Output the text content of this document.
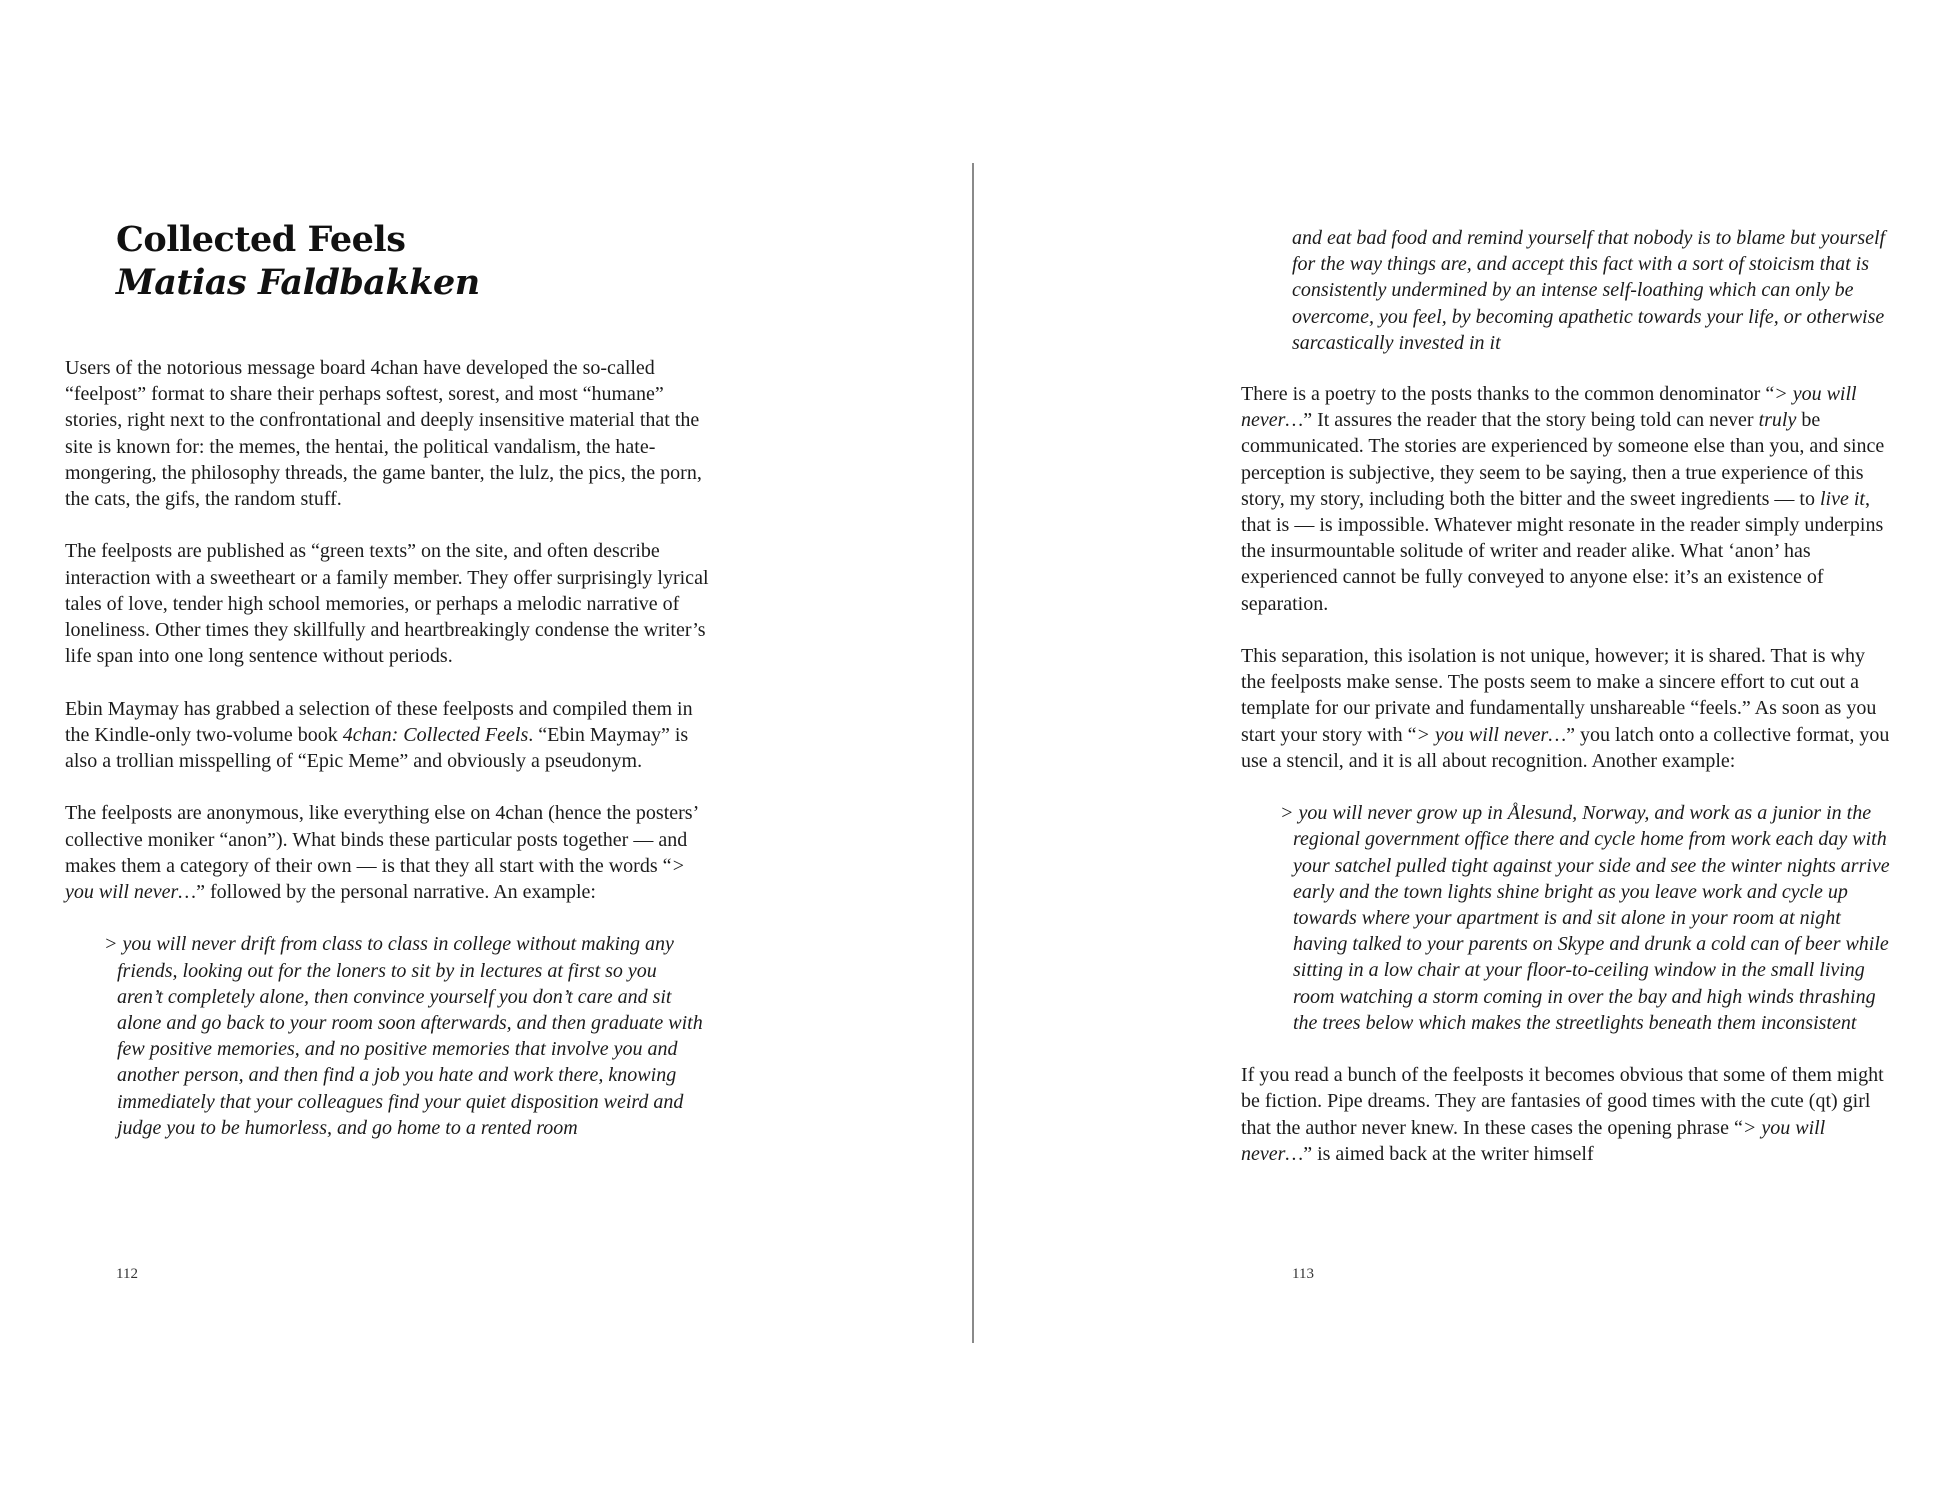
Collected Feels
Matias Faldbakken

Users of the notorious message board 4chan have developed the so-called “feelpost” format to share their perhaps softest, sorest, and most “humane” stories, right next to the confrontational and deeply insensitive material that the site is known for: the memes, the hentai, the political vandalism, the hate-mongering, the philosophy threads, the game banter, the lulz, the pics, the porn, the cats, the gifs, the random stuff.

The feelposts are published as “green texts” on the site, and often describe interaction with a sweetheart or a family member. They offer surprisingly lyrical tales of love, tender high school memories, or perhaps a melodic narrative of loneliness. Other times they skillfully and heartbreakingly condense the writer’s life span into one long sentence without periods.

Ebin Maymay has grabbed a selection of these feelposts and compiled them in the Kindle-only two-volume book 4chan: Collected Feels. “Ebin Maymay” is also a trollian misspelling of “Epic Meme” and obviously a pseudonym.

The feelposts are anonymous, like everything else on 4chan (hence the posters’ collective moniker “anon”). What binds these particular posts together — and makes them a category of their own — is that they all start with the words “> you will never…” followed by the personal narrative. An example:

> you will never drift from class to class in college without making any friends, looking out for the loners to sit by in lectures at first so you aren’t completely alone, then convince yourself you don’t care and sit alone and go back to your room soon afterwards, and then graduate with few positive memories, and no positive memories that involve you and another person, and then find a job you hate and work there, knowing immediately that your colleagues find your quiet disposition weird and judge you to be humorless, and go home to a rented room

112

and eat bad food and remind yourself that nobody is to blame but yourself for the way things are, and accept this fact with a sort of stoicism that is consistently undermined by an intense self-loathing which can only be overcome, you feel, by becoming apathetic towards your life, or otherwise sarcastically invested in it

There is a poetry to the posts thanks to the common denominator “> you will never…” It assures the reader that the story being told can never truly be communicated. The stories are experienced by someone else than you, and since perception is subjective, they seem to be saying, then a true experience of this story, my story, including both the bitter and the sweet ingredients — to live it, that is — is impossible. Whatever might resonate in the reader simply underpins the insurmountable solitude of writer and reader alike. What ‘anon’ has experienced cannot be fully conveyed to anyone else: it’s an existence of separation.

This separation, this isolation is not unique, however; it is shared. That is why the feelposts make sense. The posts seem to make a sincere effort to cut out a template for our private and fundamentally unshareable “feels.” As soon as you start your story with “> you will never…” you latch onto a collective format, you use a stencil, and it is all about recognition. Another example:

> you will never grow up in Ålesund, Norway, and work as a junior in the regional government office there and cycle home from work each day with your satchel pulled tight against your side and see the winter nights arrive early and the town lights shine bright as you leave work and cycle up towards where your apartment is and sit alone in your room at night having talked to your parents on Skype and drunk a cold can of beer while sitting in a low chair at your floor-to-ceiling window in the small living room watching a storm coming in over the bay and high winds thrashing the trees below which makes the streetlights beneath them inconsistent

If you read a bunch of the feelposts it becomes obvious that some of them might be fiction. Pipe dreams. They are fantasies of good times with the cute (qt) girl that the author never knew. In these cases the opening phrase “> you will never…” is aimed back at the writer himself

113
